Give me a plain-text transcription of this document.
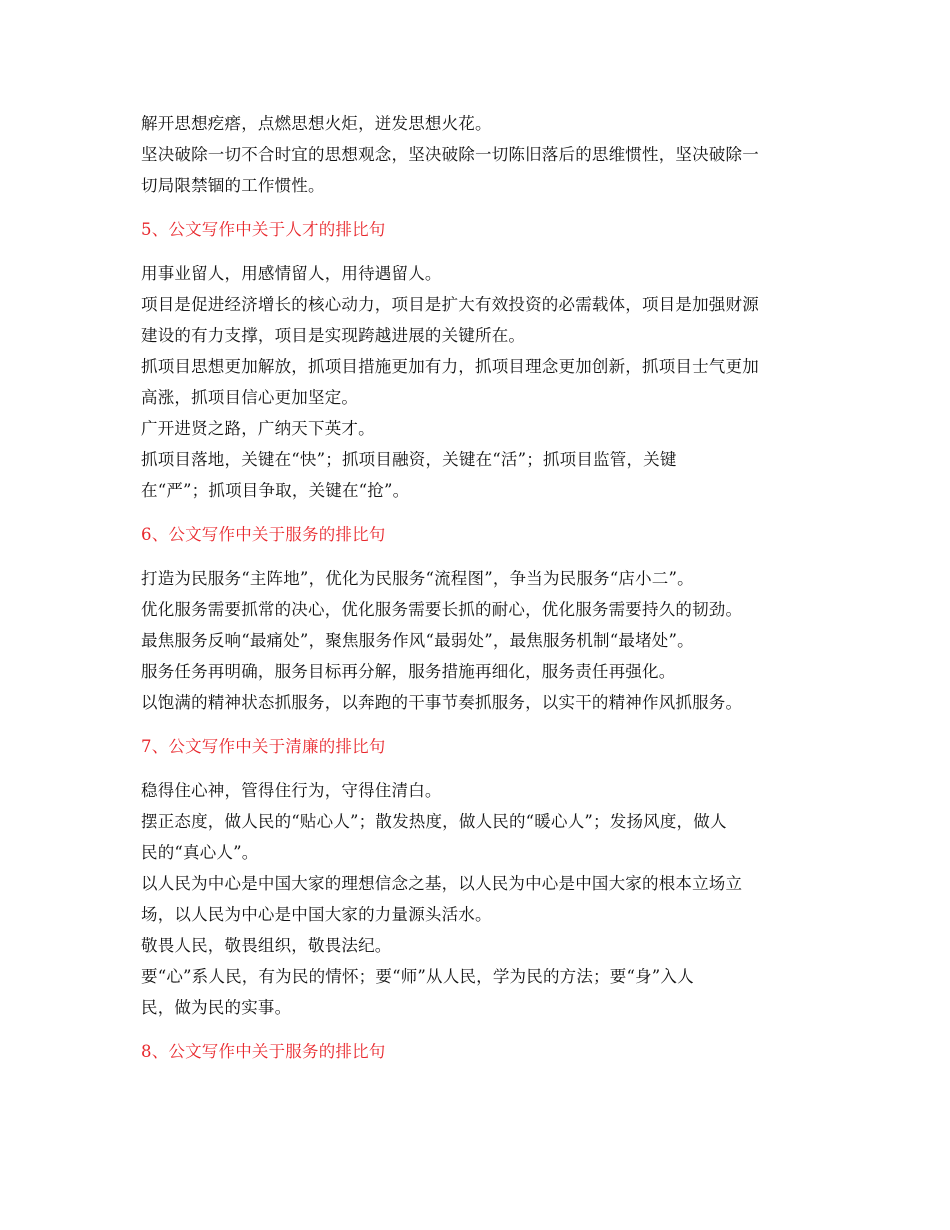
解开思想疙瘩，点燃思想火炬，迸发思想火花。
坚决破除一切不合时宜的思想观念，坚决破除一切陈旧落后的思维惯性，坚决破除一
切局限禁锢的工作惯性。
5、公文写作中关于人才的排比句
用事业留人，用感情留人，用待遇留人。
项目是促进经济增长的核心动力，项目是扩大有效投资的必需载体，项目是加强财源
建设的有力支撑，项目是实现跨越进展的关键所在。
抓项目思想更加解放，抓项目措施更加有力，抓项目理念更加创新，抓项目士气更加
高涨，抓项目信心更加坚定。
广开进贤之路，广纳天下英才。
抓项目落地，关键在“快”；抓项目融资，关键在“活”；抓项目监管，关键
在“严”；抓项目争取，关键在“抢”。
6、公文写作中关于服务的排比句
打造为民服务“主阵地”，优化为民服务“流程图”，争当为民服务“店小二”。
优化服务需要抓常的决心，优化服务需要长抓的耐心，优化服务需要持久的韧劲。
最焦服务反响“最痛处”，聚焦服务作风“最弱处”，最焦服务机制“最堵处”。
服务任务再明确，服务目标再分解，服务措施再细化，服务责任再强化。
以饱满的精神状态抓服务，以奔跑的干事节奏抓服务，以实干的精神作风抓服务。
7、公文写作中关于清廉的排比句
稳得住心神，管得住行为，守得住清白。
摆正态度，做人民的“贴心人”；散发热度，做人民的“暖心人”；发扬风度，做人
民的“真心人”。
以人民为中心是中国大家的理想信念之基，以人民为中心是中国大家的根本立场立
场，以人民为中心是中国大家的力量源头活水。
敬畏人民，敬畏组织，敬畏法纪。
要“心”系人民，有为民的情怀；要“师”从人民，学为民的方法；要“身”入人
民，做为民的实事。
8、公文写作中关于服务的排比句
